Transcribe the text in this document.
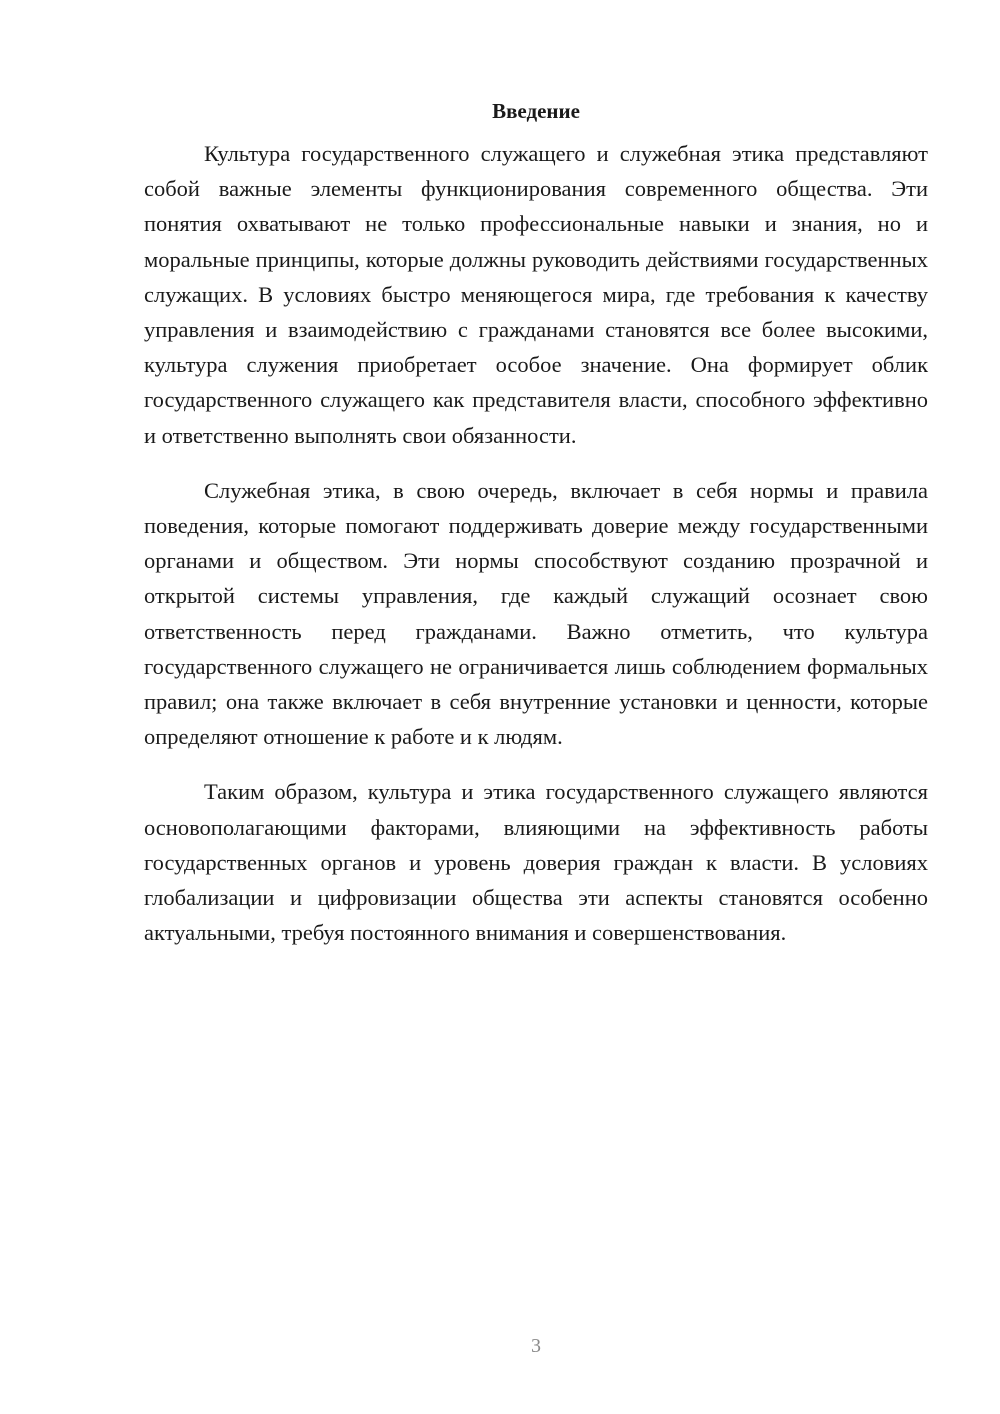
Введение

Культура государственного служащего и служебная этика представляют собой важные элементы функционирования современного общества. Эти понятия охватывают не только профессиональные навыки и знания, но и моральные принципы, которые должны руководить действиями государственных служащих. В условиях быстро меняющегося мира, где требования к качеству управления и взаимодействию с гражданами становятся все более высокими, культура служения приобретает особое значение. Она формирует облик государственного служащего как представителя власти, способного эффективно и ответственно выполнять свои обязанности.

Служебная этика, в свою очередь, включает в себя нормы и правила поведения, которые помогают поддерживать доверие между государственными органами и обществом. Эти нормы способствуют созданию прозрачной и открытой системы управления, где каждый служащий осознает свою ответственность перед гражданами. Важно отметить, что культура государственного служащего не ограничивается лишь соблюдением формальных правил; она также включает в себя внутренние установки и ценности, которые определяют отношение к работе и к людям.

Таким образом, культура и этика государственного служащего являются основополагающими факторами, влияющими на эффективность работы государственных органов и уровень доверия граждан к власти. В условиях глобализации и цифровизации общества эти аспекты становятся особенно актуальными, требуя постоянного внимания и совершенствования.

3
